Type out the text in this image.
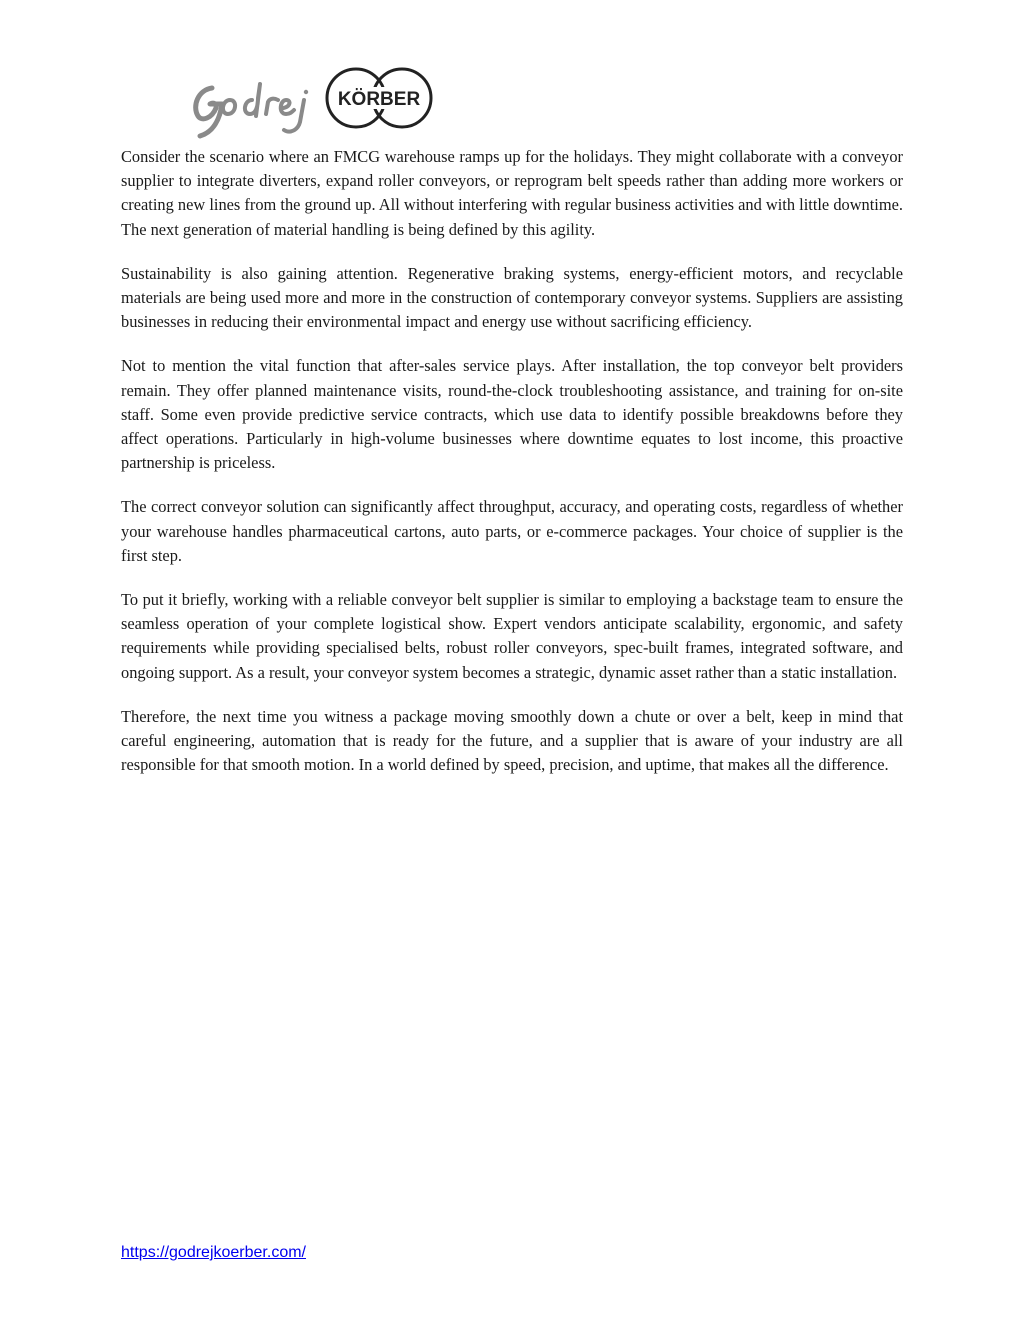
KÖRBER

Consider the scenario where an FMCG warehouse ramps up for the holidays. They might collaborate with a conveyor supplier to integrate diverters, expand roller conveyors, or reprogram belt speeds rather than adding more workers or creating new lines from the ground up. All without interfering with regular business activities and with little downtime. The next generation of material handling is being defined by this agility.

Sustainability is also gaining attention. Regenerative braking systems, energy-efficient motors, and recyclable materials are being used more and more in the construction of contemporary conveyor systems. Suppliers are assisting businesses in reducing their environmental impact and energy use without sacrificing efficiency.

Not to mention the vital function that after-sales service plays. After installation, the top conveyor belt providers remain. They offer planned maintenance visits, round-the-clock troubleshooting assistance, and training for on-site staff. Some even provide predictive service contracts, which use data to identify possible breakdowns before they affect operations. Particularly in high-volume businesses where downtime equates to lost income, this proactive partnership is priceless.

The correct conveyor solution can significantly affect throughput, accuracy, and operating costs, regardless of whether your warehouse handles pharmaceutical cartons, auto parts, or e-commerce packages. Your choice of supplier is the first step.

To put it briefly, working with a reliable conveyor belt supplier is similar to employing a backstage team to ensure the seamless operation of your complete logistical show. Expert vendors anticipate scalability, ergonomic, and safety requirements while providing specialised belts, robust roller conveyors, spec-built frames, integrated software, and ongoing support. As a result, your conveyor system becomes a strategic, dynamic asset rather than a static installation.

Therefore, the next time you witness a package moving smoothly down a chute or over a belt, keep in mind that careful engineering, automation that is ready for the future, and a supplier that is aware of your industry are all responsible for that smooth motion. In a world defined by speed, precision, and uptime, that makes all the difference.

https://godrejkoerber.com/
